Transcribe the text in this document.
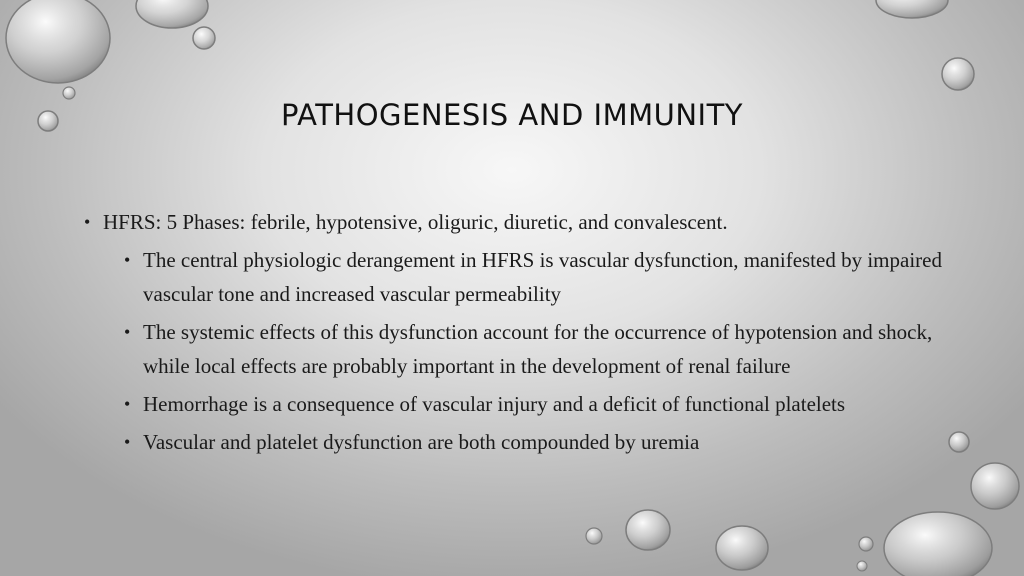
PATHOGENESIS AND IMMUNITY
• HFRS: 5 Phases: febrile, hypotensive, oliguric, diuretic, and convalescent.
• The central physiologic derangement in HFRS is vascular dysfunction, manifested by impaired vascular tone and increased vascular permeability
• The systemic effects of this dysfunction account for the occurrence of hypotension and shock, while local effects are probably important in the development of renal failure
• Hemorrhage is a consequence of vascular injury and a deficit of functional platelets
• Vascular and platelet dysfunction are both compounded by uremia
